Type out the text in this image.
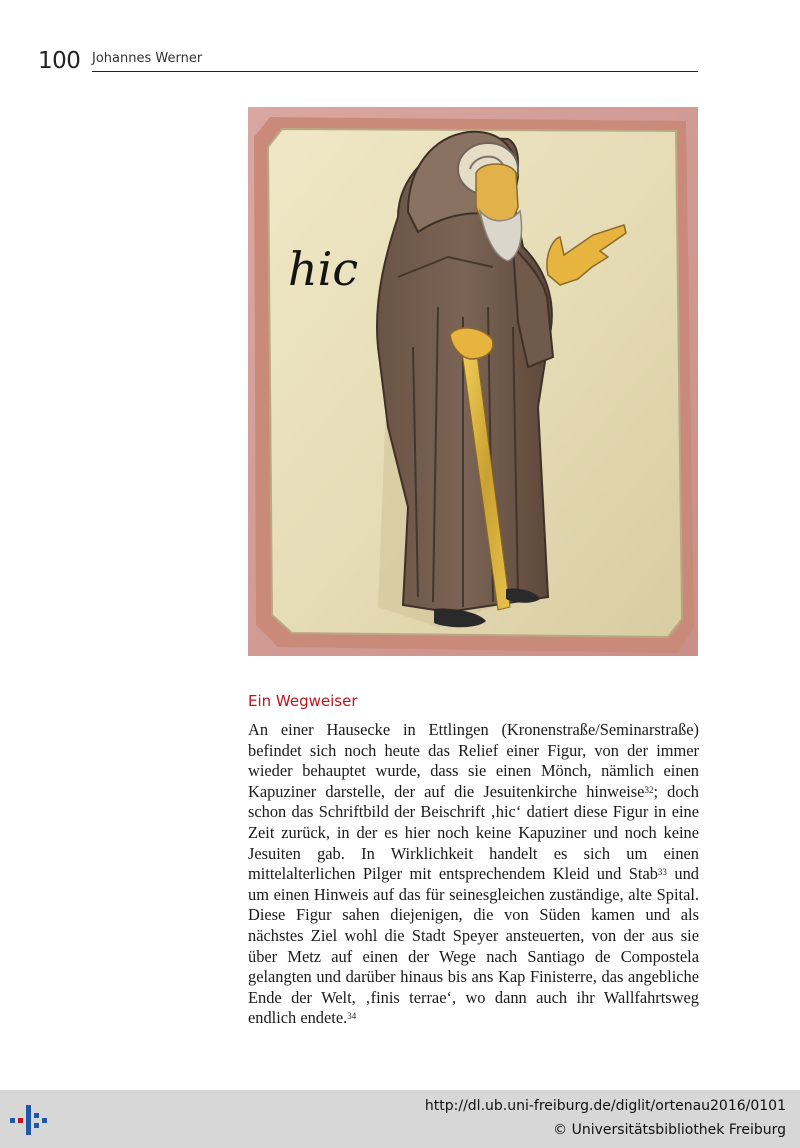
100 Johannes Werner
hic
Ein Wegweiser

An einer Hausecke in Ettlingen (Kronenstraße/Seminarstraße) befindet sich noch heute das Relief einer Figur, von der immer wieder behauptet wurde, dass sie einen Mönch, nämlich einen Kapuziner darstelle, der auf die Jesuitenkirche hinweise$^{32}$; doch schon das Schriftbild der Beischrift ‚hic‘ datiert diese Figur in eine Zeit zurück, in der es hier noch keine Kapuziner und noch keine Jesuiten gab. In Wirklichkeit handelt es sich um einen mittelalterlichen Pilger mit entsprechendem Kleid und Stab$^{33}$ und um einen Hinweis auf das für seinesgleichen zuständige, alte Spital. Diese Figur sahen diejenigen, die von Süden kamen und als nächstes Ziel wohl die Stadt Speyer ansteuerten, von der aus sie über Metz auf einen der Wege nach Santiago de Compostela gelangten und darüber hinaus bis ans Kap Finisterre, das angebliche Ende der Welt, ‚finis terrae‘, wo dann auch ihr Wallfahrtsweg endlich endete.$^{34}$

http://dl.ub.uni-freiburg.de/diglit/ortenau2016/0101
© Universitätsbibliothek Freiburg
